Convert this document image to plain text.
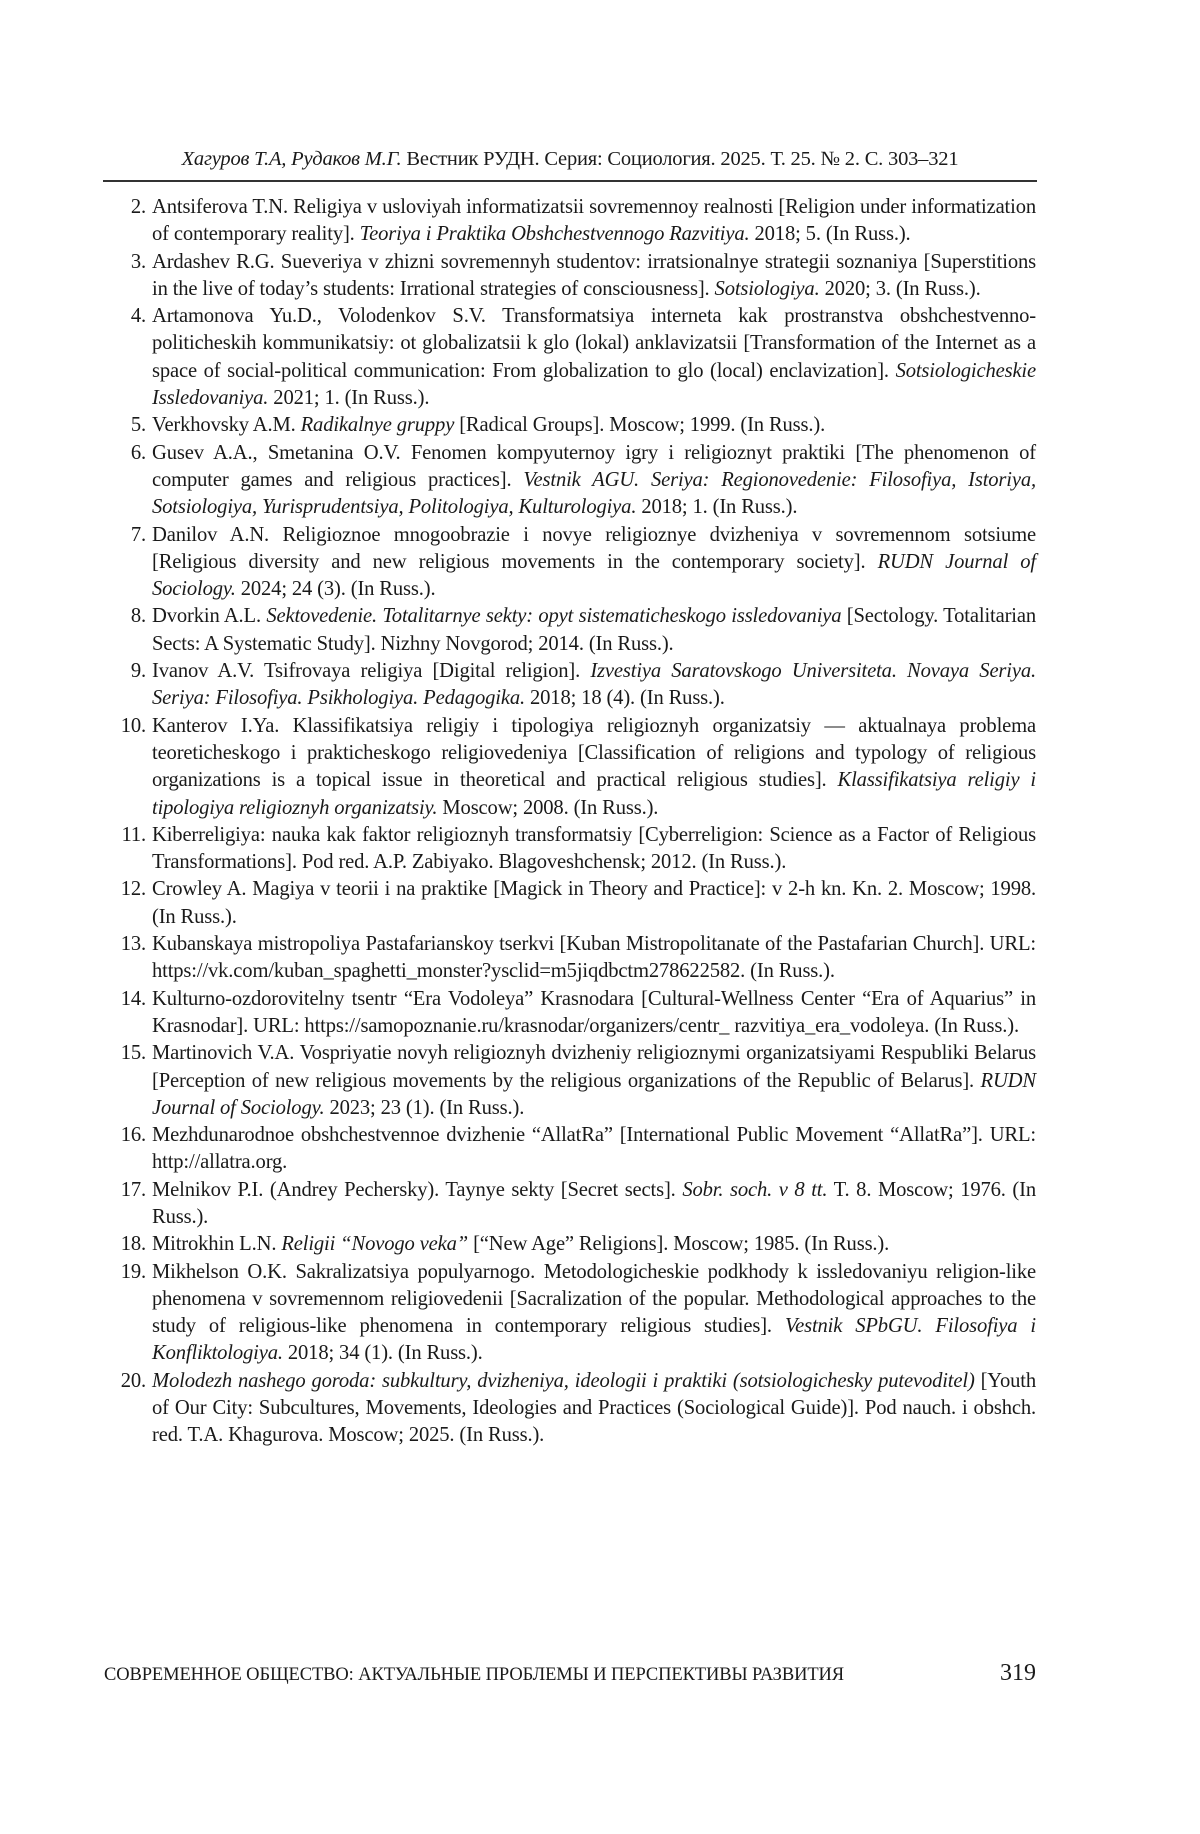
Хагуров Т.А, Рудаков М.Г. Вестник РУДН. Серия: Социология. 2025. Т. 25. № 2. С. 303–321
2. Antsiferova T.N. Religiya v usloviyah informatizatsii sovremennoy realnosti [Religion under informatization of contemporary reality]. Teoriya i Praktika Obshchestvennogo Razvitiya. 2018; 5. (In Russ.).
3. Ardashev R.G. Sueveriya v zhizni sovremennyh studentov: irratsionalnye strategii soznaniya [Superstitions in the live of today’s students: Irrational strategies of consciousness]. Sotsiologiya. 2020; 3. (In Russ.).
4. Artamonova Yu.D., Volodenkov S.V. Transformatsiya interneta kak prostranstva obshchestvenno-politicheskih kommunikatsiy: ot globalizatsii k glo (lokal) anklavizatsii [Transformation of the Internet as a space of social-political communication: From globalization to glo (local) enclavization]. Sotsiologicheskie Issledovaniya. 2021; 1. (In Russ.).
5. Verkhovsky A.M. Radikalnye gruppy [Radical Groups]. Moscow; 1999. (In Russ.).
6. Gusev A.A., Smetanina O.V. Fenomen kompyuternoy igry i religioznyt praktiki [The phenomenon of computer games and religious practices]. Vestnik AGU. Seriya: Regionovedenie: Filosofiya, Istoriya, Sotsiologiya, Yurisprudentsiya, Politologiya, Kulturologiya. 2018; 1. (In Russ.).
7. Danilov A.N. Religioznoe mnogoobrazie i novye religioznye dvizheniya v sovremennom sotsiume [Religious diversity and new religious movements in the contemporary society]. RUDN Journal of Sociology. 2024; 24 (3). (In Russ.).
8. Dvorkin A.L. Sektovedenie. Totalitarnye sekty: opyt sistematicheskogo issledovaniya [Sectology. Totalitarian Sects: A Systematic Study]. Nizhny Novgorod; 2014. (In Russ.).
9. Ivanov A.V. Tsifrovaya religiya [Digital religion]. Izvestiya Saratovskogo Universiteta. Novaya Seriya. Seriya: Filosofiya. Psikhologiya. Pedagogika. 2018; 18 (4). (In Russ.).
10. Kanterov I.Ya. Klassifikatsiya religiy i tipologiya religioznyh organizatsiy — aktualnaya problema teoreticheskogo i prakticheskogo religiovedeniya [Classification of religions and typology of religious organizations is a topical issue in theoretical and practical religious studies]. Klassifikatsiya religiy i tipologiya religioznyh organizatsiy. Moscow; 2008. (In Russ.).
11. Kiberreligiya: nauka kak faktor religioznyh transformatsiy [Cyberreligion: Science as a Factor of Religious Transformations]. Pod red. A.P. Zabiyako. Blagoveshchensk; 2012. (In Russ.).
12. Crowley A. Magiya v teorii i na praktike [Magick in Theory and Practice]: v 2-h kn. Kn. 2. Moscow; 1998. (In Russ.).
13. Kubanskaya mistropoliya Pastafarianskoy tserkvi [Kuban Mistropolitanate of the Pastafarian Church]. URL: https://vk.com/kuban_spaghetti_monster?ysclid=m5jiqdbctm278622582. (In Russ.).
14. Kulturno-ozdorovitelny tsentr “Era Vodoleya” Krasnodara [Cultural-Wellness Center “Era of Aquarius” in Krasnodar]. URL: https://samopoznanie.ru/krasnodar/organizers/centr_ razvitiya_era_vodoleya. (In Russ.).
15. Martinovich V.A. Vospriyatie novyh religioznyh dvizheniy religioznymi organizatsiyami Respubliki Belarus [Perception of new religious movements by the religious organizations of the Republic of Belarus]. RUDN Journal of Sociology. 2023; 23 (1). (In Russ.).
16. Mezhdunarodnoe obshchestvennoe dvizhenie “AllatRa” [International Public Movement “AllatRa”]. URL: http://allatra.org.
17. Melnikov P.I. (Andrey Pechersky). Taynye sekty [Secret sects]. Sobr. soch. v 8 tt. T. 8. Moscow; 1976. (In Russ.).
18. Mitrokhin L.N. Religii “Novogo veka” [“New Age” Religions]. Moscow; 1985. (In Russ.).
19. Mikhelson O.K. Sakralizatsiya populyarnogo. Metodologicheskie podkhody k issledovaniyu religion-like phenomena v sovremennom religiovedenii [Sacralization of the popular. Methodological approaches to the study of religious-like phenomena in contemporary religious studies]. Vestnik SPbGU. Filosofiya i Konfliktologiya. 2018; 34 (1). (In Russ.).
20. Molodezh nashego goroda: subkultury, dvizheniya, ideologii i praktiki (sotsiologichesky putevoditel) [Youth of Our City: Subcultures, Movements, Ideologies and Practices (Sociological Guide)]. Pod nauch. i obshch. red. T.A. Khagurova. Moscow; 2025. (In Russ.).
СОВРЕМЕННОЕ ОБЩЕСТВО: АКТУАЛЬНЫЕ ПРОБЛЕМЫ И ПЕРСПЕКТИВЫ РАЗВИТИЯ	319
